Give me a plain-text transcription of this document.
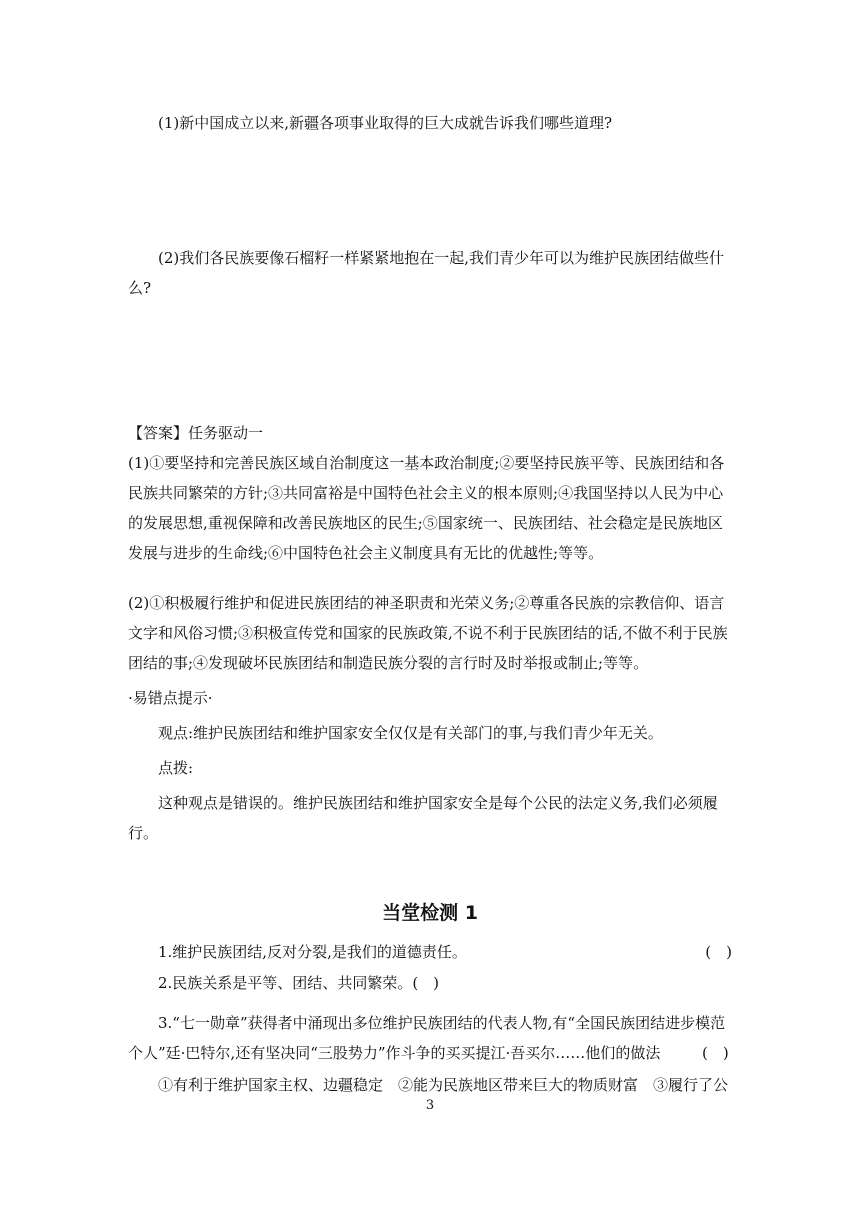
(1)新中国成立以来,新疆各项事业取得的巨大成就告诉我们哪些道理?

(2)我们各民族要像石榴籽一样紧紧地抱在一起,我们青少年可以为维护民族团结做些什么?

【答案】任务驱动一

(1)①要坚持和完善民族区域自治制度这一基本政治制度;②要坚持民族平等、民族团结和各民族共同繁荣的方针;③共同富裕是中国特色社会主义的根本原则;④我国坚持以人民为中心的发展思想,重视保障和改善民族地区的民生;⑤国家统一、民族团结、社会稳定是民族地区发展与进步的生命线;⑥中国特色社会主义制度具有无比的优越性;等等。

(2)①积极履行维护和促进民族团结的神圣职责和光荣义务;②尊重各民族的宗教信仰、语言文字和风俗习惯;③积极宣传党和国家的民族政策,不说不利于民族团结的话,不做不利于民族团结的事;④发现破坏民族团结和制造民族分裂的言行时及时举报或制止;等等。

·易错点提示·

观点:维护民族团结和维护国家安全仅仅是有关部门的事,与我们青少年无关。

点拨:

这种观点是错误的。维护民族团结和维护国家安全是每个公民的法定义务,我们必须履行。

当堂检测 1
1.维护民族团结,反对分裂,是我们的道德责任。	(　)

2.民族关系是平等、团结、共同繁荣。(　)

3.“七一勋章”获得者中涌现出多位维护民族团结的代表人物,有“全国民族团结进步模范个人”廷·巴特尔,还有坚决同“三股势力”作斗争的买买提江·吾买尔……他们的做法	(　)

①有利于维护国家主权、边疆稳定　②能为民族地区带来巨大的物质财富　③履行了公

3
